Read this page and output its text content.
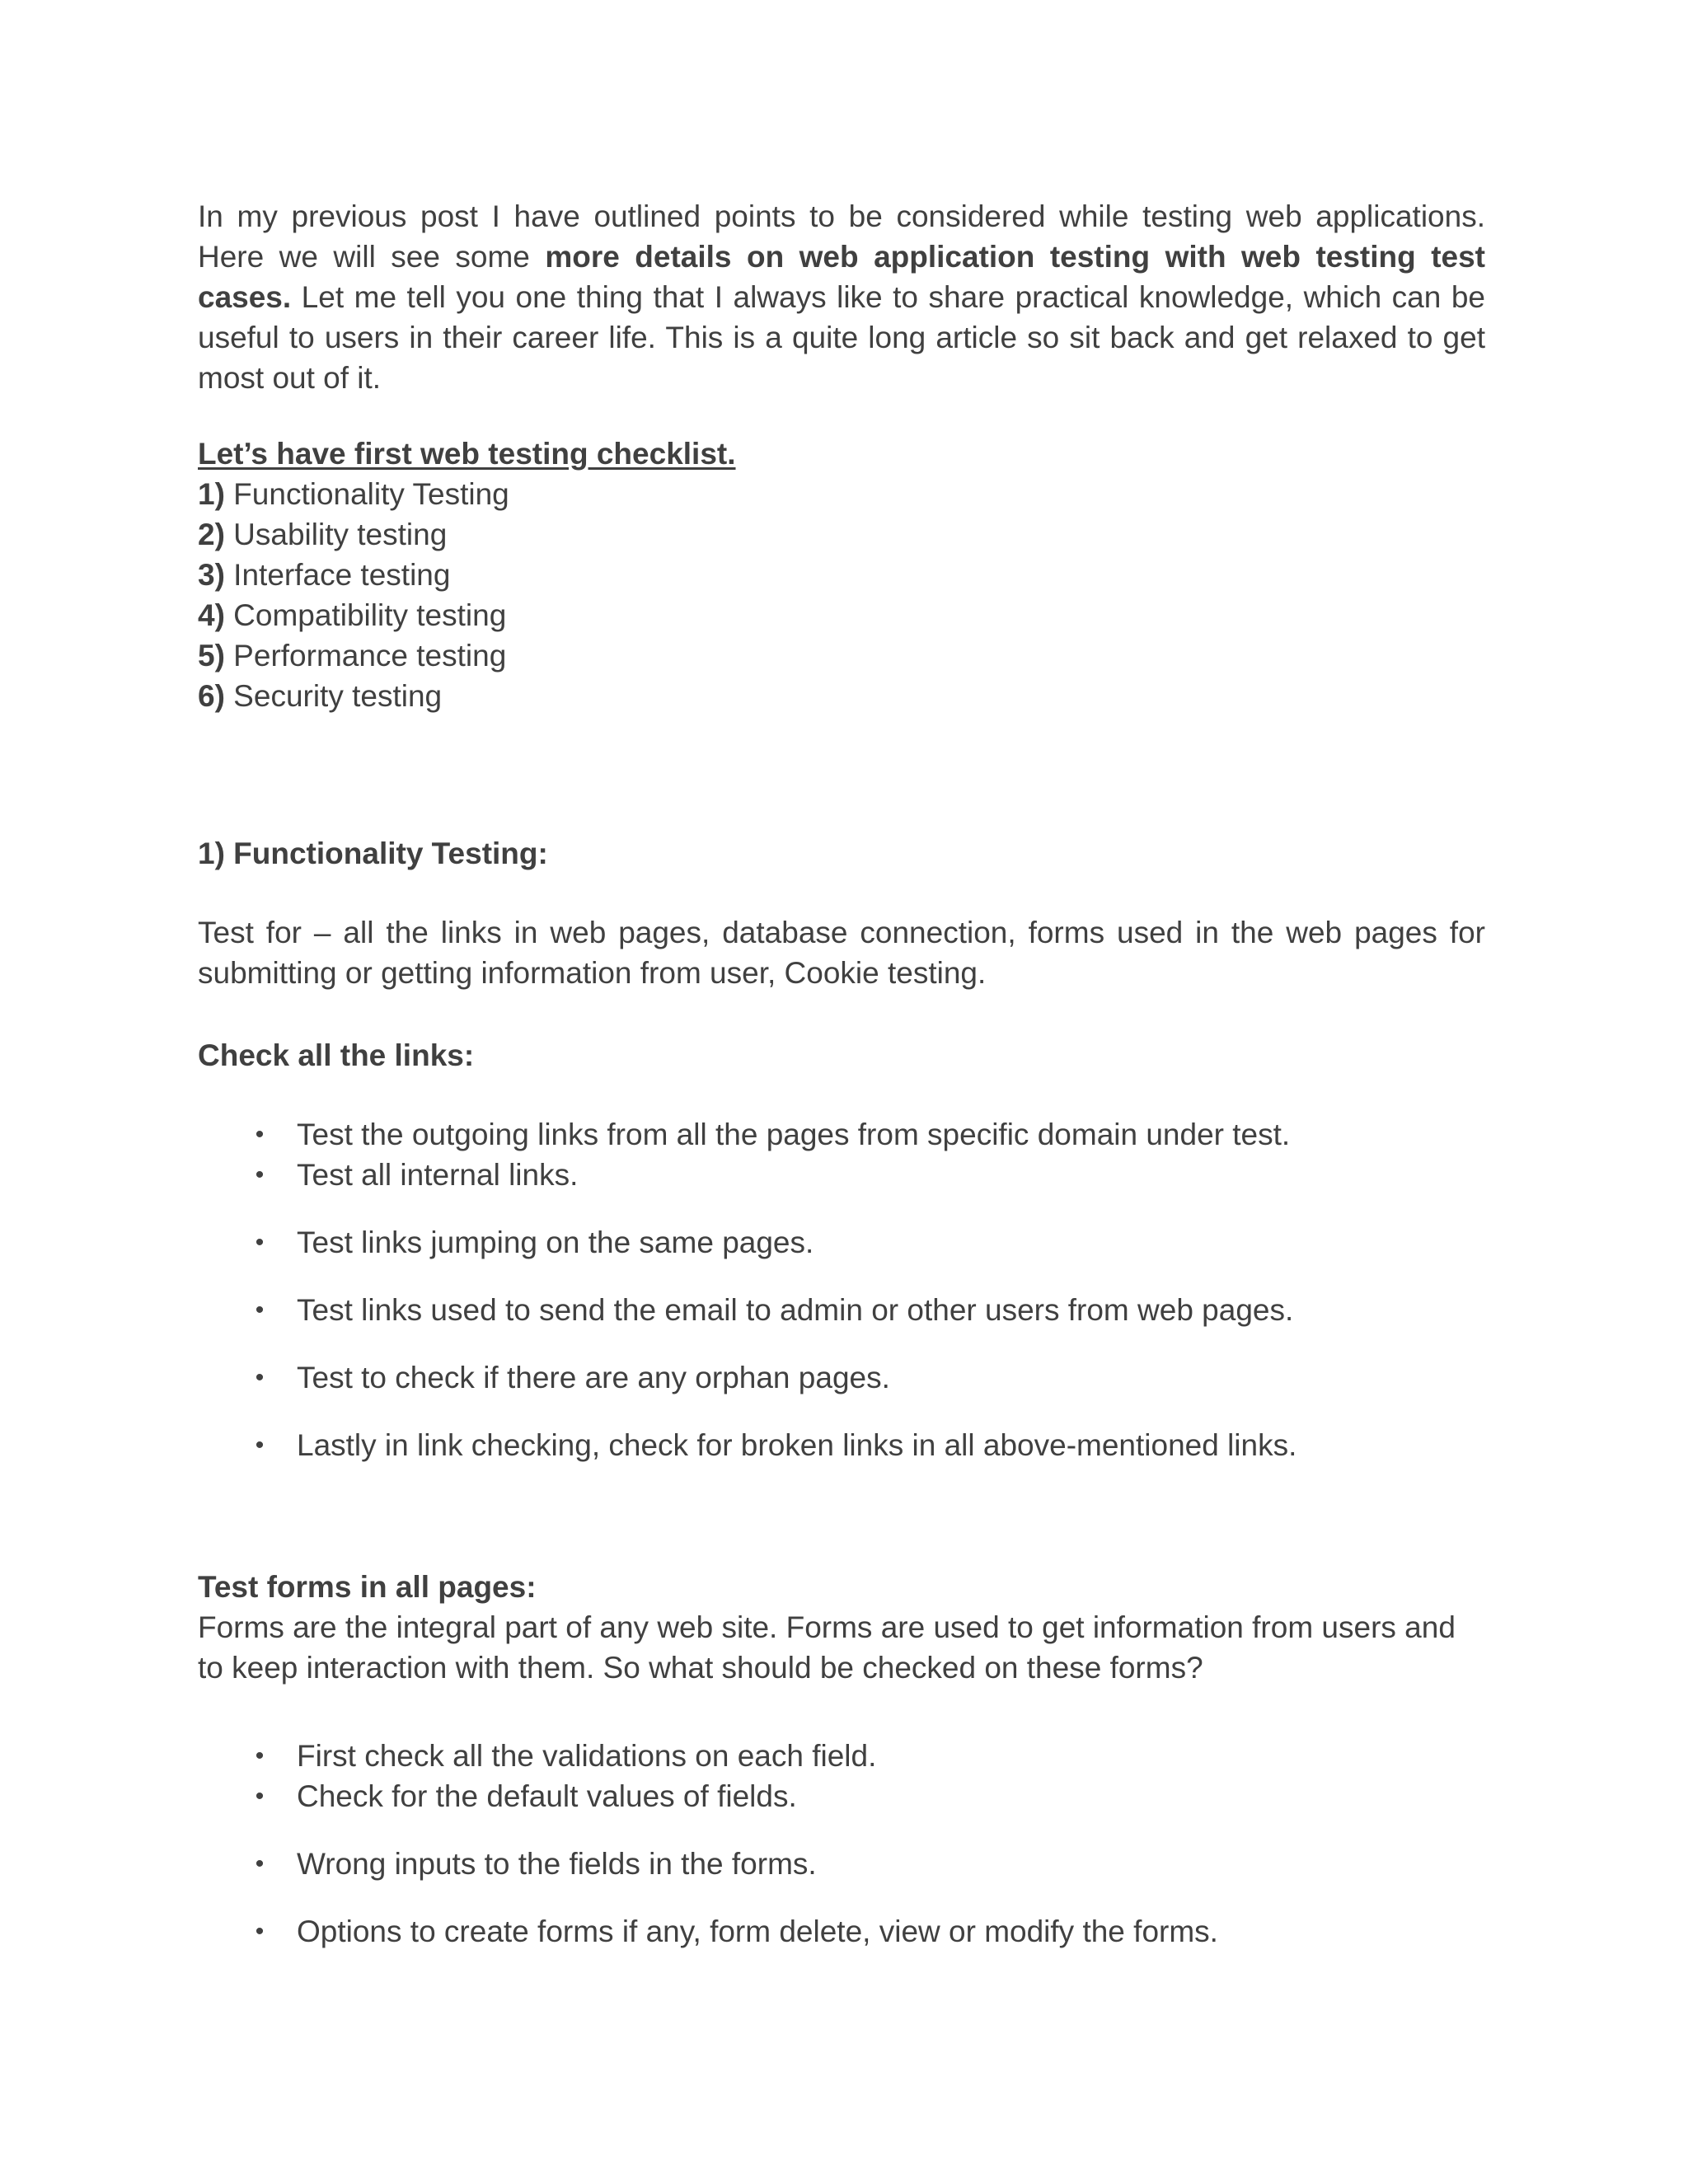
In my previous post I have outlined points to be considered while testing web applications. Here we will see some more details on web application testing with web testing test cases. Let me tell you one thing that I always like to share practical knowledge, which can be useful to users in their career life. This is a quite long article so sit back and get relaxed to get most out of it.

Let’s have first web testing checklist.
1) Functionality Testing
2) Usability testing
3) Interface testing
4) Compatibility testing
5) Performance testing
6) Security testing
1) Functionality Testing:

Test for – all the links in web pages, database connection, forms used in the web pages for submitting or getting information from user, Cookie testing.

Check all the links:
• Test the outgoing links from all the pages from specific domain under test.
• Test all internal links.
• Test links jumping on the same pages.
• Test links used to send the email to admin or other users from web pages.
• Test to check if there are any orphan pages.
• Lastly in link checking, check for broken links in all above-mentioned links.
Test forms in all pages:

Forms are the integral part of any web site. Forms are used to get information from users and to keep interaction with them. So what should be checked on these forms?

• First check all the validations on each field.
• Check for the default values of fields.
• Wrong inputs to the fields in the forms.
• Options to create forms if any, form delete, view or modify the forms.
